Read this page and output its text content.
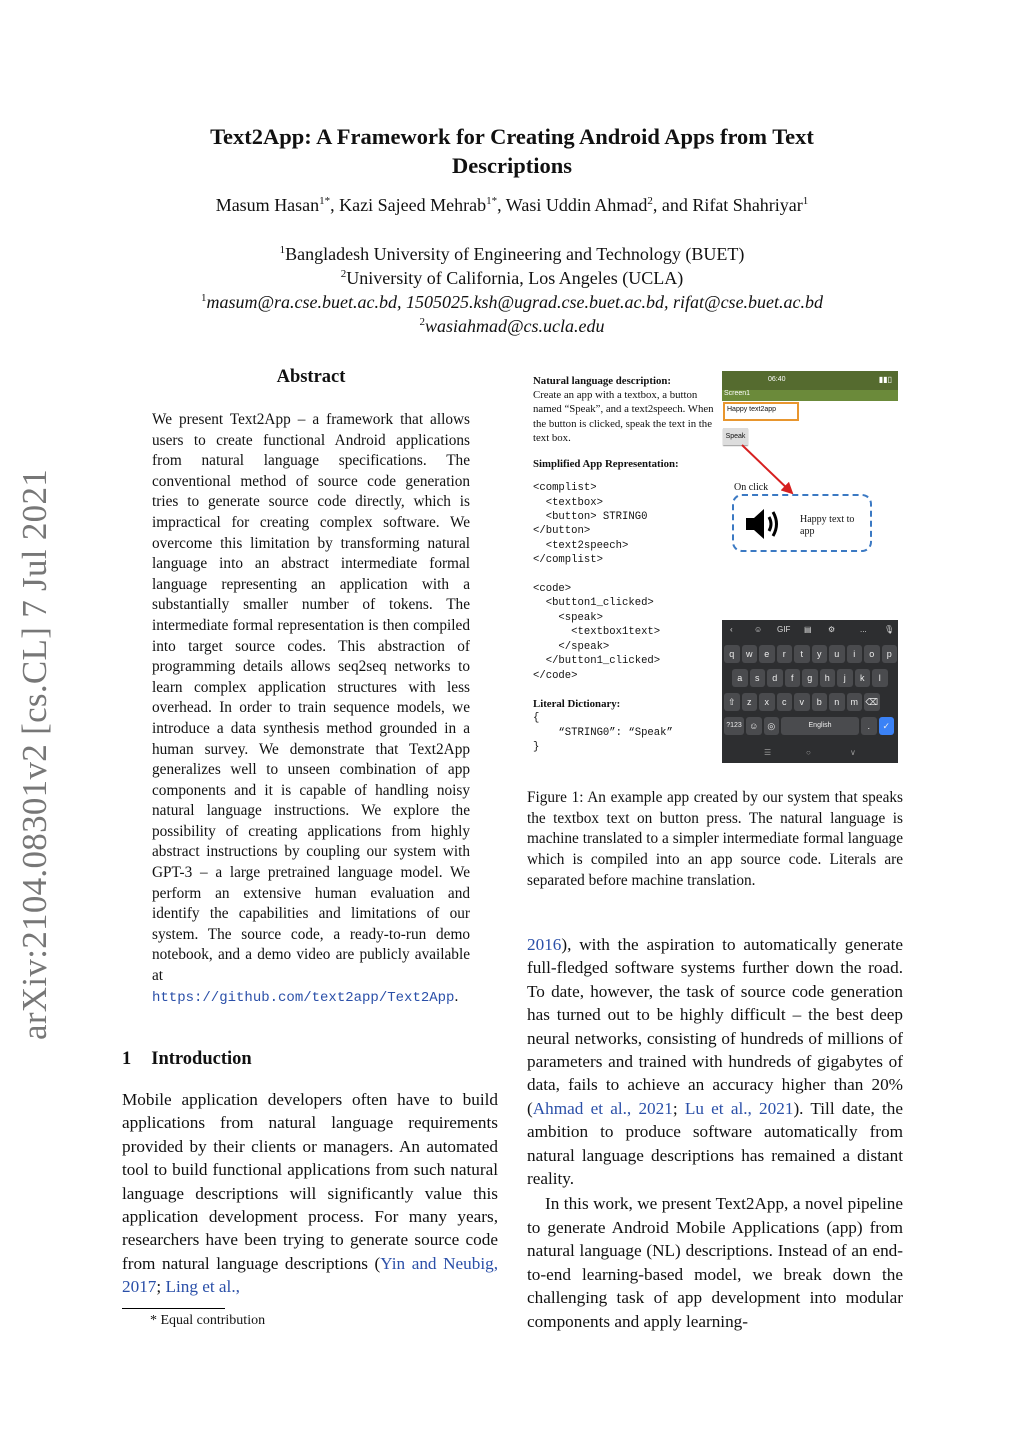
Text2App: A Framework for Creating Android Apps from Text
Descriptions
Masum Hasan$^{1*}$, Kazi Sajeed Mehrab$^{1*}$, Wasi Uddin Ahmad$^2$, and Rifat Shahriyar$^1$
$^1$Bangladesh University of Engineering and Technology (BUET)
$^2$University of California, Los Angeles (UCLA)
$^1$masum@ra.cse.buet.ac.bd, 1505025.ksh@ugrad.cse.buet.ac.bd, rifat@cse.buet.ac.bd
$^2$wasiahmad@cs.ucla.edu
arXiv:2104.08301v2 [cs.CL] 7 Jul 2021
Abstract
We present Text2App – a framework that allows users to create functional Android applications from natural language specifications. The conventional method of source code generation tries to generate source code directly, which is impractical for creating complex software. We overcome this limitation by transforming natural language into an abstract intermediate formal language representing an application with a substantially smaller number of tokens. The intermediate formal representation is then compiled into target source codes. This abstraction of programming details allows seq2seq networks to learn complex application structures with less overhead. In order to train sequence models, we introduce a data synthesis method grounded in a human survey. We demonstrate that Text2App generalizes well to unseen combination of app components and it is capable of handling noisy natural language instructions. We explore the possibility of creating applications from highly abstract instructions by coupling our system with GPT-3 – a large pretrained language model. We perform an extensive human evaluation and identify the capabilities and limitations of our system. The source code, a ready-to-run demo notebook, and a demo video are publicly available at https://github.com/text2app/Text2App.
1 Introduction
Mobile application developers often have to build applications from natural language requirements provided by their clients or managers. An automated tool to build functional applications from such natural language descriptions will significantly value this application development process. For many years, researchers have been trying to generate source code from natural language descriptions (Yin and Neubig, 2017; Ling et al.,
* Equal contribution
Natural language description:
Create an app with a textbox, a button named “Speak”, and a text2speech. When the button is clicked, speak the text in the text box.
Simplified App Representation:
<complist>
<textbox>
<button> STRING0
</button>
<text2speech>
</complist>

<code>
<button1_clicked>
<speak>
<textbox1text>
</speak>
</button1_clicked>
</code>
Literal Dictionary:
{
“STRING0”: “Speak”
}
06:40	▮▮▯
Screen1
Happy text2app
Speak
On click
Happy text to app
‹	☺ GIF ▤ ⚙	... 🎙
q	w	e	r	t	y	u	i	o	p
a	s	d	f	g	h	j	k	l
⇧	z	x	c	v	b	n	m ⌫
?123 ☺ ◎	English	.	✓
☰	○	∨
Figure 1: An example app created by our system that speaks the textbox text on button press. The natural language is machine translated to a simpler intermediate formal language which is compiled into an app source code. Literals are separated before machine translation.
2016), with the aspiration to automatically generate full-fledged software systems further down the road. To date, however, the task of source code generation has turned out to be highly difficult – the best deep neural networks, consisting of hundreds of millions of parameters and trained with hundreds of gigabytes of data, fails to achieve an accuracy higher than 20% (Ahmad et al., 2021; Lu et al., 2021). Till date, the ambition to produce software automatically from natural language descriptions has remained a distant reality.
In this work, we present Text2App, a novel pipeline to generate Android Mobile Applications (app) from natural language (NL) descriptions. Instead of an end-to-end learning-based model, we break down the challenging task of app development into modular components and apply learning-
